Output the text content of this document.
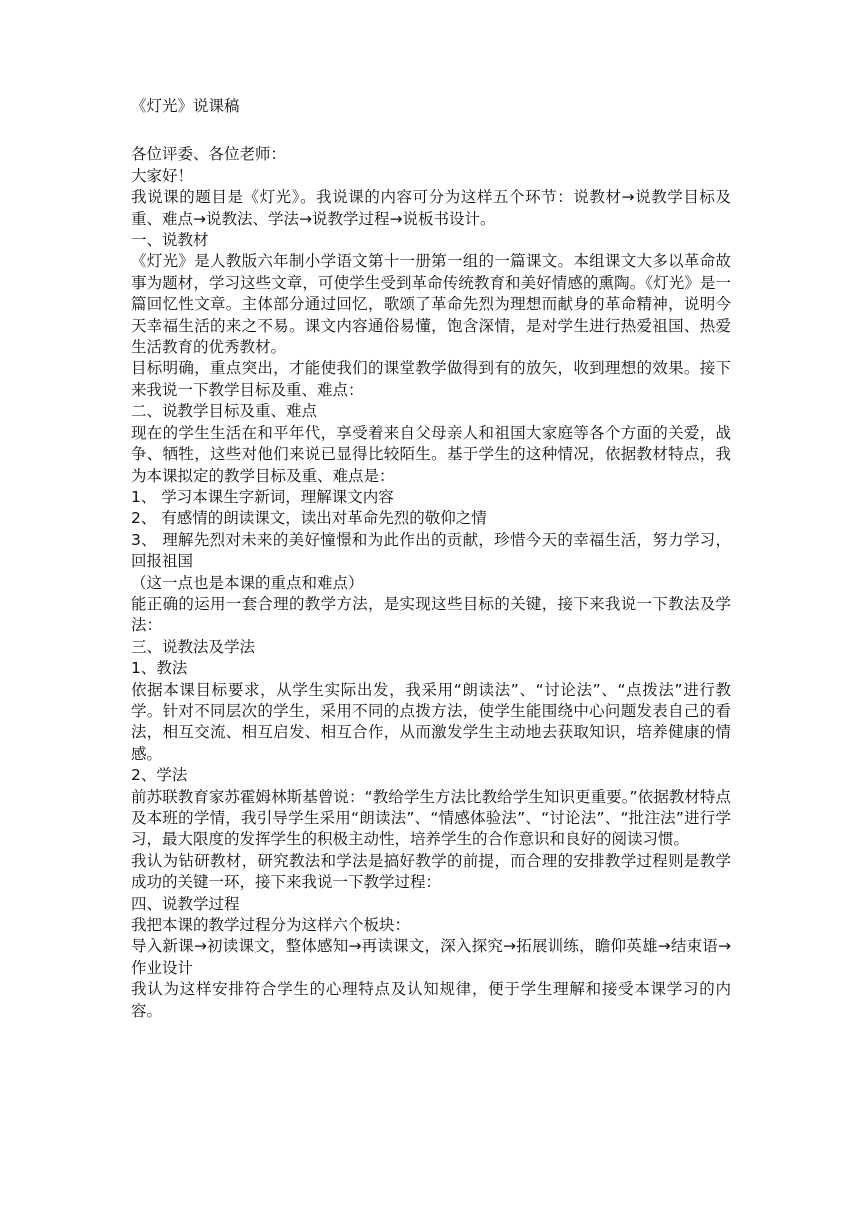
《灯光》说课稿

各位评委、各位老师：

大家好！

我说课的题目是《灯光》。我说课的内容可分为这样五个环节：说教材→说教学目标及重、难点→说教法、学法→说教学过程→说板书设计。

一、说教材

《灯光》是人教版六年制小学语文第十一册第一组的一篇课文。本组课文大多以革命故事为题材，学习这些文章，可使学生受到革命传统教育和美好情感的熏陶。《灯光》是一篇回忆性文章。主体部分通过回忆，歌颂了革命先烈为理想而献身的革命精神，说明今天幸福生活的来之不易。课文内容通俗易懂，饱含深情，是对学生进行热爱祖国、热爱生活教育的优秀教材。

目标明确，重点突出，才能使我们的课堂教学做得到有的放矢，收到理想的效果。接下来我说一下教学目标及重、难点：

二、说教学目标及重、难点

现在的学生生活在和平年代，享受着来自父母亲人和祖国大家庭等各个方面的关爱，战争、牺牲，这些对他们来说已显得比较陌生。基于学生的这种情况，依据教材特点，我为本课拟定的教学目标及重、难点是：

1、 学习本课生字新词，理解课文内容

2、 有感情的朗读课文，读出对革命先烈的敬仰之情

3、 理解先烈对未来的美好憧憬和为此作出的贡献，珍惜今天的幸福生活，努力学习，回报祖国

（这一点也是本课的重点和难点）

能正确的运用一套合理的教学方法，是实现这些目标的关键，接下来我说一下教法及学法：

三、说教法及学法

1、教法

依据本课目标要求，从学生实际出发，我采用“朗读法”、“讨论法”、“点拨法”进行教学。针对不同层次的学生，采用不同的点拨方法，使学生能围绕中心问题发表自己的看法，相互交流、相互启发、相互合作，从而激发学生主动地去获取知识，培养健康的情感。

2、学法

前苏联教育家苏霍姆林斯基曾说：“教给学生方法比教给学生知识更重要。”依据教材特点及本班的学情，我引导学生采用“朗读法”、“情感体验法”、“讨论法”、“批注法”进行学习，最大限度的发挥学生的积极主动性，培养学生的合作意识和良好的阅读习惯。

我认为钻研教材，研究教法和学法是搞好教学的前提，而合理的安排教学过程则是教学成功的关键一环，接下来我说一下教学过程：

四、说教学过程

我把本课的教学过程分为这样六个板块：

导入新课→初读课文，整体感知→再读课文，深入探究→拓展训练，瞻仰英雄→结束语→作业设计

我认为这样安排符合学生的心理特点及认知规律，便于学生理解和接受本课学习的内容。
